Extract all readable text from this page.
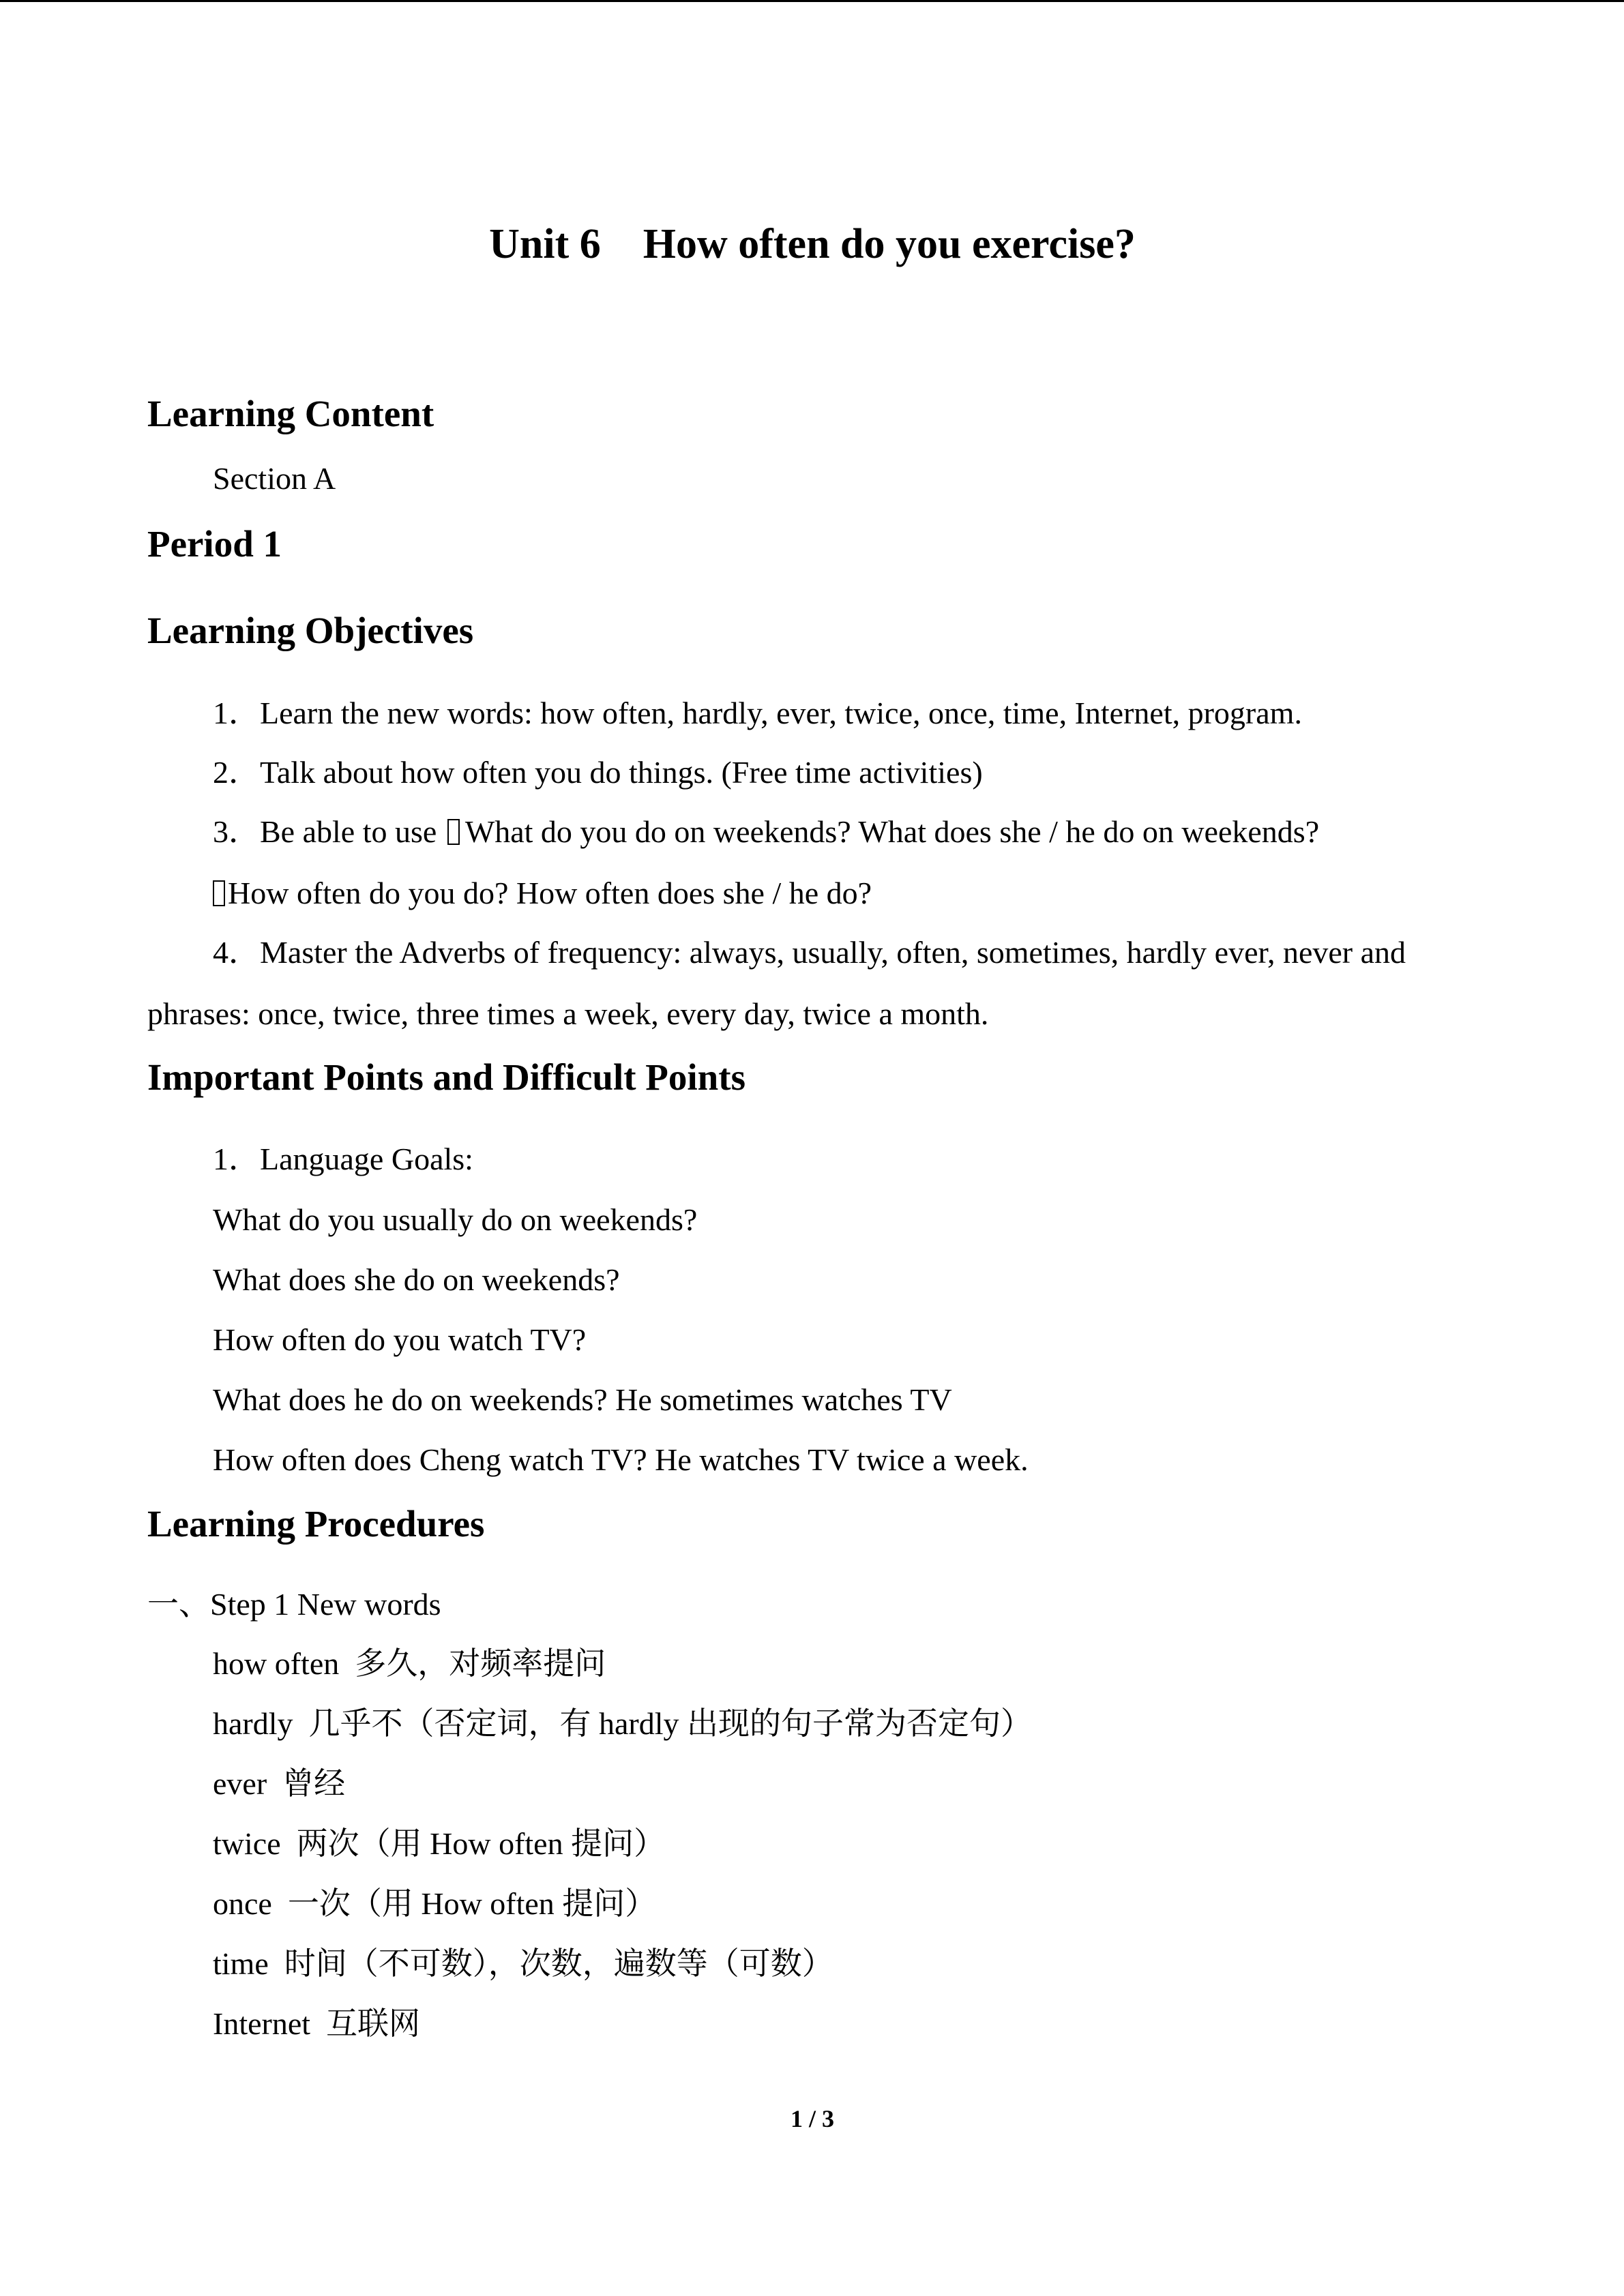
Unit 6    How often do you exercise?
Learning Content
Section A
Period 1
Learning Objectives
1．Learn the new words: how often, hardly, ever, twice, once, time, Internet, program.
2．Talk about how often you do things. (Free time activities)
3．Be able to use What do you do on weekends? What does she / he do on weekends?
How often do you do? How often does she / he do?
4．Master the Adverbs of frequency: always, usually, often, sometimes, hardly ever, never and
phrases: once, twice, three times a week, every day, twice a month.
Important Points and Difficult Points
1．Language Goals:
What do you usually do on weekends?
What does she do on weekends?
How often do you watch TV?
What does he do on weekends? He sometimes watches TV
How often does Cheng watch TV? He watches TV twice a week.
Learning Procedures
一、Step 1 New words
how often 多久，对频率提问
hardly 几乎不（否定词，有 hardly 出现的句子常为否定句）
ever 曾经
twice 两次（用 How often 提问）
once 一次（用 How often 提问）
time 时间（不可数），次数，遍数等（可数）
Internet 互联网
1 / 3
